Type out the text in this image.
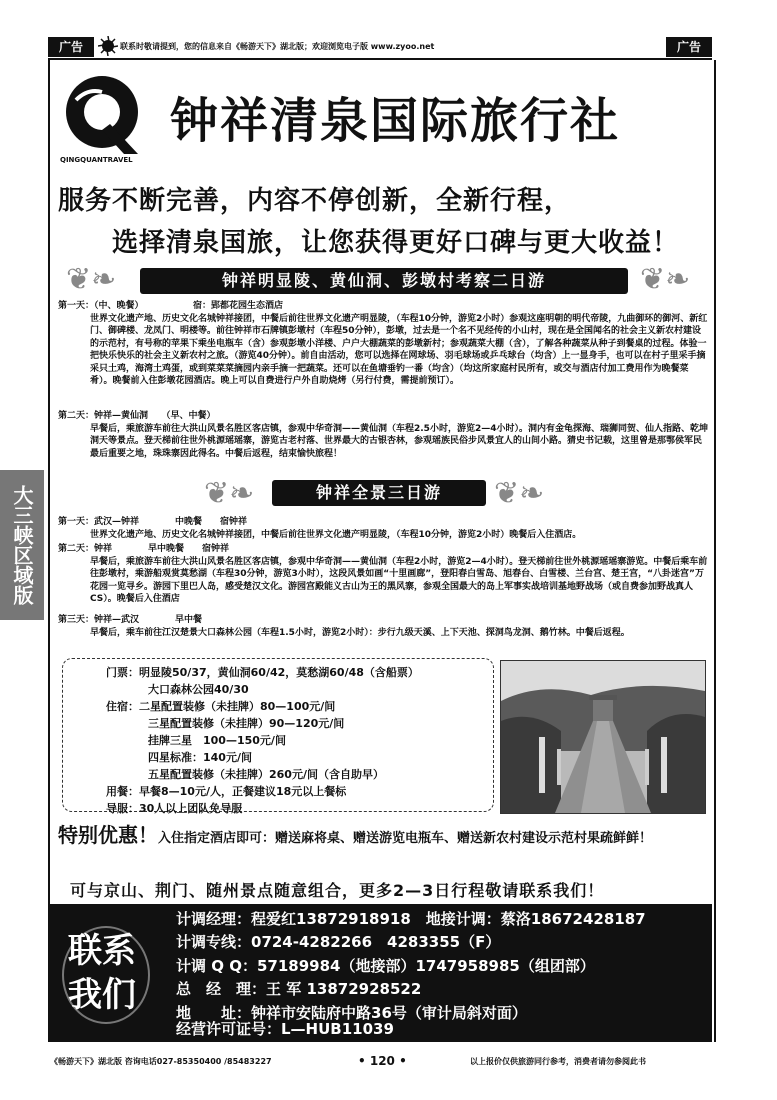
广告	联系时敬请提到，您的信息来自《畅游天下》湖北版；欢迎浏览电子版 www.zyoo.net	广告
QINGQUANTRAVEL
钟祥清泉国际旅行社
服务不断完善，内容不停创新，全新行程，
选择清泉国旅，让您获得更好口碑与更大收益！
❦❧	钟祥明显陵、黄仙洞、彭墩村考察二日游	❦❧

第一天：（中、晚餐）　　　　　　宿：郢都花园生态酒店

世界文化遗产地、历史文化名城钟祥接团，中餐后前往世界文化遗产明显陵，（车程10分钟，游览2小时）参观这座明朝的明代帝陵，九曲御环的御河、新红门、御碑楼、龙凤门、明楼等。前往钟祥市石牌镇彭墩村（车程50分钟），彭墩，过去是一个名不见经传的小山村，现在是全国闻名的社会主义新农村建设的示范村，有号称的苹果下乘坐电瓶车（含）参观彭墩小洋楼、户户大棚蔬菜的彭墩新村；参观蔬菜大棚（含），了解各种蔬菜从种子到餐桌的过程。体验一把快乐快乐的社会主义新农村之旅。（游览40分钟）。前自由活动，您可以选择在网球场、羽毛球场或乒乓球台（均含）上一显身手，也可以在村子里采手摘采只土鸡，海湾土鸡蛋，或到菜菜菜摘园内亲手摘一把蔬菜。还可以在鱼塘垂钓一番（均含）（均这所家庭村民所有，或交与酒店付加工费用作为晚餐菜肴）。晚餐前入住彭墩花园酒店。晚上可以自费进行户外自助烧烤（另行付费，需提前预订）。

第二天：钟祥—黄仙洞　　（早、中餐）

早餐后，乘旅游车前往大洪山风景名胜区客店镇，参观中华奇洞——黄仙洞（车程2.5小时，游览2—4小时）。洞内有金龟探海、瑞狮同贺、仙人指路、乾坤洞天等景点。登天梯前往世外桃源瑶瑶寨，游览古老村落、世界最大的古银杏林，参观瑶族民俗步风景宜人的山间小路。猜史书记载，这里曾是那鄂侯军民最后重要之地，珠珠寨因此得名。中餐后返程，结束愉快旅程！

大三峡区域版	❦❧	钟祥全景三日游	❦❧

第一天：武汉—钟祥　　　　中晚餐　　宿钟祥

世界文化遗产地、历史文化名城钟祥接团，中餐后前往世界文化遗产明显陵，（车程10分钟，游览2小时）晚餐后入住酒店。

第二天：钟祥　　　　早中晚餐　　宿钟祥

早餐后，乘旅游车前往大洪山风景名胜区客店镇，参观中华奇洞——黄仙洞（车程2小时，游览2—4小时）。登天梯前往世外桃源瑶瑶寨游览。中餐后乘车前往彭墩村，乘游船观赏莫愁湖（车程30分钟，游览3小时），这段风景如画“十里画廊”，登阳春白雪岛、旭春台、白雪楼、兰台宫、楚王宫，“八卦迷宫”万花园一览寻乡。游园下里巴人岛，感受楚汉文化。游园宫殿能义古山为王的黑风寨，参观全国最大的岛上军事实战培训基地野战场（或自费参加野战真人CS）。晚餐后入住酒店

第三天：钟祥—武汉　　　　早中餐

早餐后，乘车前往江汉楚景大口森林公园（车程1.5小时，游览2小时）：步行九级天溪、上下天池、探洞鸟龙洞、鹅竹林。中餐后返程。

门票：明显陵50/37，黄仙洞60/42，莫愁湖60/48（含船票）
大口森林公园40/30
住宿：二星配置装修（未挂牌）80—100元/间
三星配置装修（未挂牌）90—120元/间
挂牌三星　100—150元/间
四星标准：140元/间
五星配置装修（未挂牌）260元/间（含自助早）
用餐：早餐8—10元/人，正餐建议18元以上餐标
导服：30人以上团队免导服
特别优惠！入住指定酒店即可：赠送麻将桌、赠送游览电瓶车、赠送新农村建设示范村果疏鲜鲜！
可与京山、荆门、随州景点随意组合，更多2—3日行程敬请联系我们！
联系
我们
计调经理：程爱红13872918918　地接计调：蔡洛18672428187
计调专线：0724-4282266　4283355（F）
计调 Q Q：57189984（地接部）1747958985（组团部）
总　经　理：王 军 13872928522
地　　址：钟祥市安陆府中路36号（审计局斜对面）
经营许可证号：L—HUB11039
《畅游天下》湖北版 咨询电话027-85350400 /85483227	• 120 •	以上报价仅供旅游同行参考，消费者请勿参阅此书
